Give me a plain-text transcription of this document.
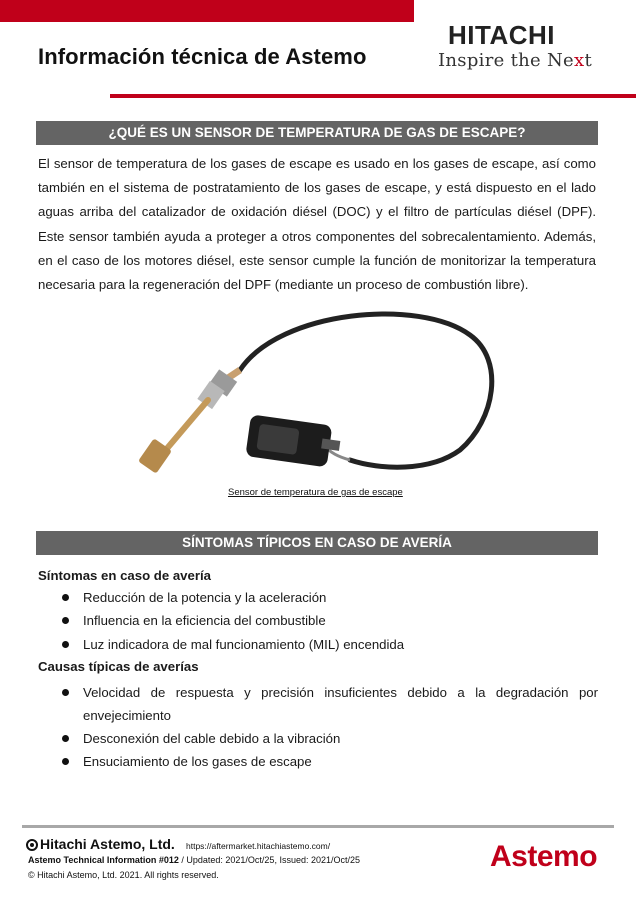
Información técnica de Astemo
HITACHI
Inspire the Next
¿QUÉ ES UN SENSOR DE TEMPERATURA DE GAS DE ESCAPE?
El sensor de temperatura de los gases de escape es usado en los gases de escape, así como también en el sistema de postratamiento de los gases de escape, y está dispuesto en el lado aguas arriba del catalizador de oxidación diésel (DOC) y el filtro de partículas diésel (DPF). Este sensor también ayuda a proteger a otros componentes del sobrecalentamiento. Además, en el caso de los motores diésel, este sensor cumple la función de monitorizar la temperatura necesaria para la regeneración del DPF (mediante un proceso de combustión libre).
Sensor de temperatura de gas de escape
SÍNTOMAS TÍPICOS EN CASO DE AVERÍA
Síntomas en caso de avería
Reducción de la potencia y la aceleración
Influencia en la eficiencia del combustible
Luz indicadora de mal funcionamiento (MIL) encendida
Causas típicas de averías
Velocidad de respuesta y precisión insuficientes debido a la degradación por envejecimiento
Desconexión del cable debido a la vibración
Ensuciamiento de los gases de escape
Hitachi Astemo, Ltd. https://aftermarket.hitachiastemo.com/
Astemo Technical Information #012 / Updated: 2021/Oct/25, Issued: 2021/Oct/25
© Hitachi Astemo, Ltd. 2021. All rights reserved.
Astemo
